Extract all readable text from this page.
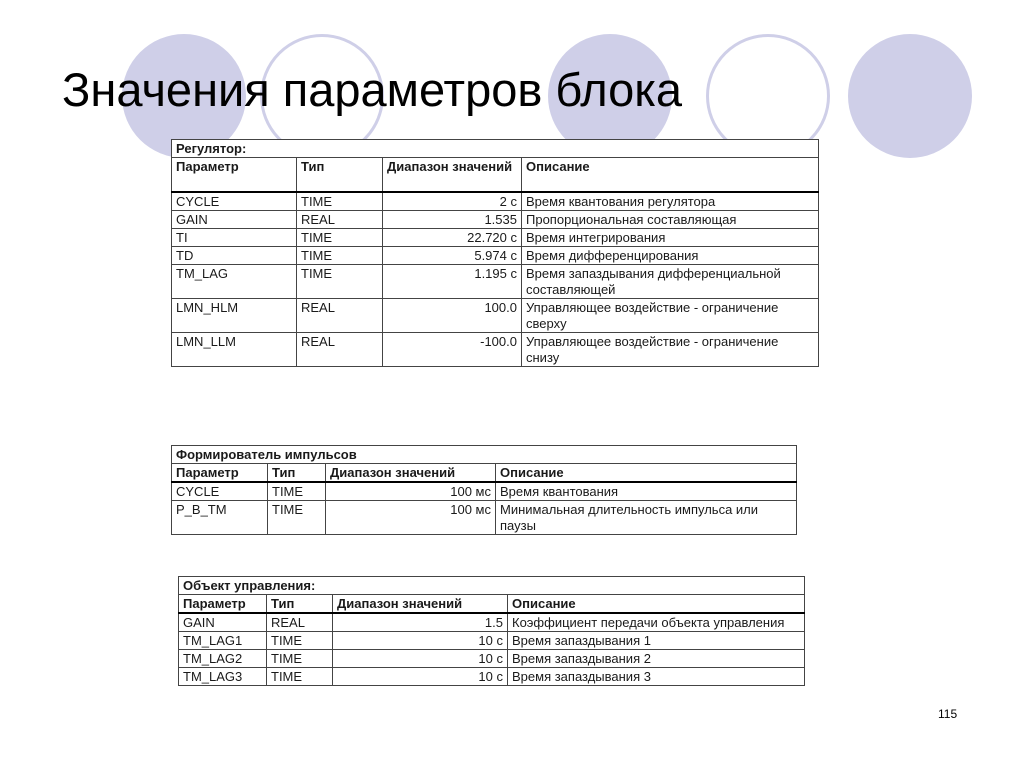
Значения параметров блока
Регулятор:			
Параметр	Тип	Диапазон значений	Описание
CYCLE	TIME	2 с	Время квантования регулятора
GAIN	REAL	1.535	Пропорциональная составляющая
TI	TIME	22.720 с	Время интегрирования
TD	TIME	5.974 с	Время дифференцирования
TM_LAG	TIME	1.195 с	Время запаздывания дифференциальной составляющей
LMN_HLM	REAL	100.0	Управляющее воздействие - ограничение сверху
LMN_LLM	REAL	-100.0	Управляющее воздействие - ограничение снизу
Формирователь импульсов			
Параметр	Тип	Диапазон значений	Описание
CYCLE	TIME	100 мс	Время квантования
P_B_TM	TIME	100 мс	Минимальная длительность импульса или паузы
Объект управления:			
Параметр	Тип	Диапазон значений	Описание
GAIN	REAL	1.5	Коэффициент передачи объекта управления
TM_LAG1	TIME	10 с	Время запаздывания 1
TM_LAG2	TIME	10 с	Время запаздывания 2
TM_LAG3	TIME	10 с	Время запаздывания 3
115
